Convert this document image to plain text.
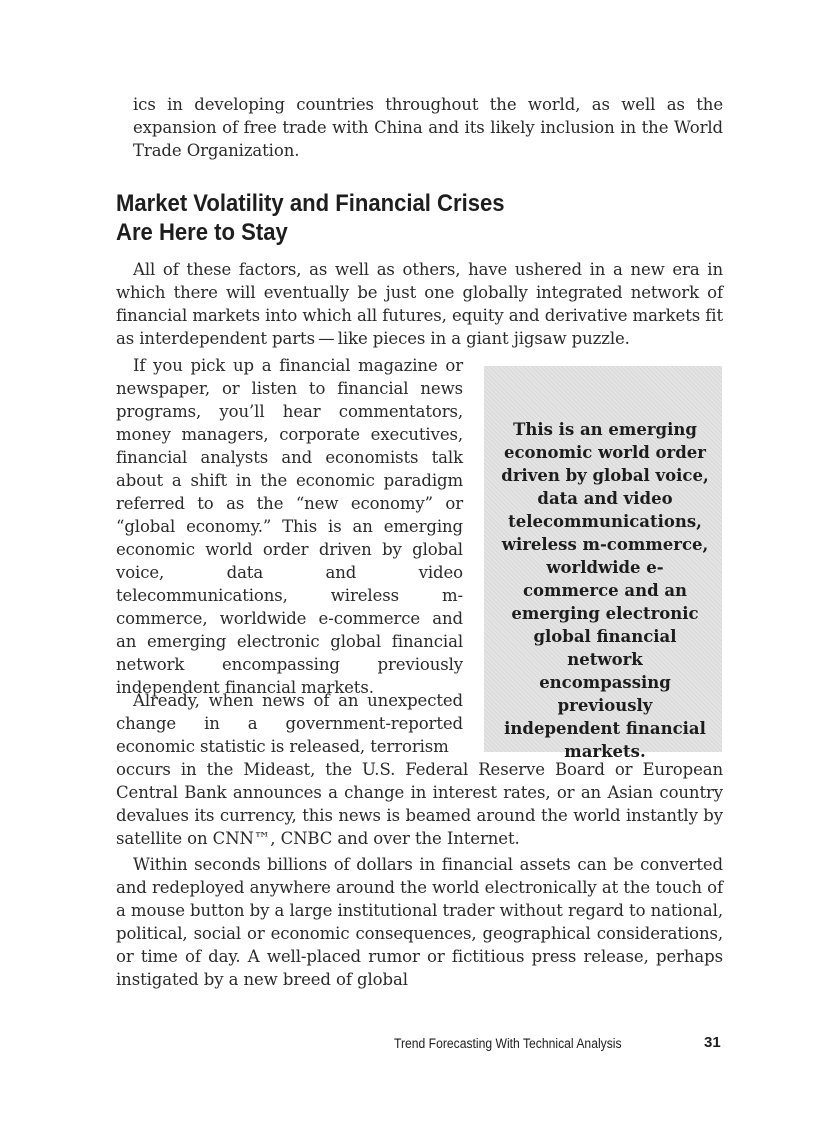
ics in developing countries throughout the world, as well as the expansion of free trade with China and its likely inclusion in the World Trade Organization.

Market Volatility and Financial Crises
Are Here to Stay

All of these factors, as well as others, have ushered in a new era in which there will eventually be just one globally integrated network of financial markets into which all futures, equity and derivative markets fit as interdependent parts — like pieces in a giant jigsaw puzzle.

If you pick up a financial magazine or newspaper, or listen to financial news programs, you’ll hear commentators, money managers, corporate executives, financial analysts and economists talk about a shift in the economic paradigm referred to as the “new economy” or “global economy.” This is an emerging economic world order driven by global voice, data and video telecommunications, wireless m-commerce, worldwide e-commerce and an emerging electronic global financial network encompassing previously independent financial markets.

This is an emerging economic world order driven by global voice, data and video telecommunications, wireless m-commerce, worldwide e-commerce and an emerging electronic global financial network encompassing previously independent financial markets.

Already, when news of an unexpected change in a government-reported economic statistic is released, terrorism
occurs in the Mideast, the U.S. Federal Reserve Board or European Central Bank announces a change in interest rates, or an Asian country devalues its currency, this news is beamed around the world instantly by satellite on CNN™, CNBC and over the Internet.

Within seconds billions of dollars in financial assets can be converted and redeployed anywhere around the world electronically at the touch of a mouse button by a large institutional trader without regard to national, political, social or economic consequences, geographical considerations, or time of day. A well-placed rumor or fictitious press release, perhaps instigated by a new breed of global

Trend Forecasting With Technical Analysis	31
